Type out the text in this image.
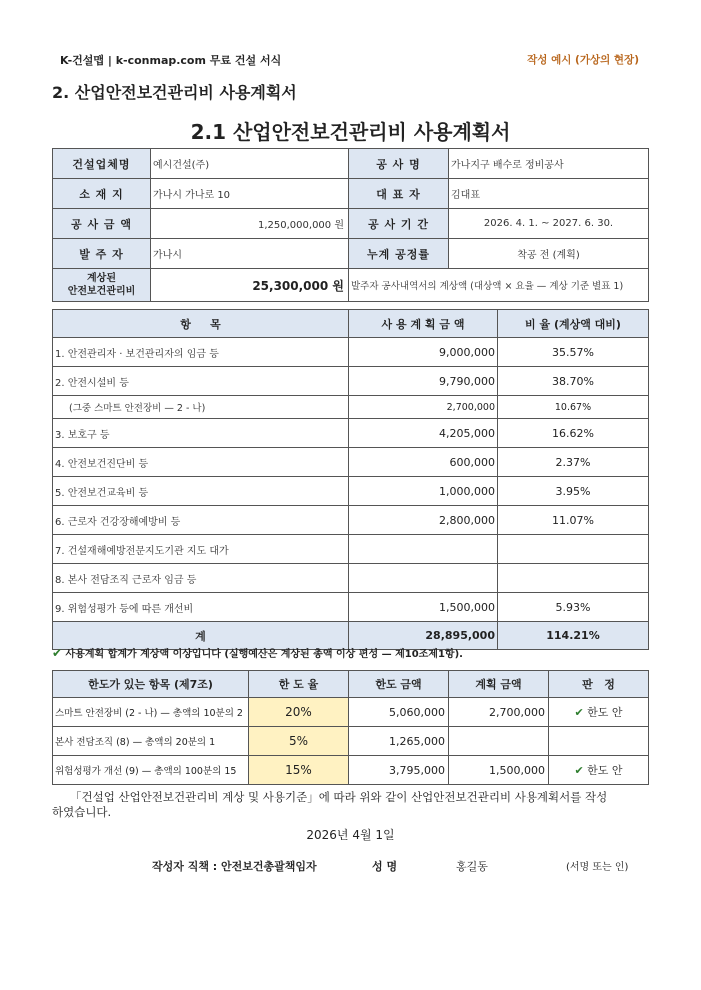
K-건설맵 | k-conmap.com 무료 건설 서식	작성 예시 (가상의 현장)
2. 산업안전보건관리비 사용계획서
2.1 산업안전보건관리비 사용계획서
건설업체명	예시건설(주)	공 사 명	가나지구 배수로 정비공사
소 재 지	가나시 가나로 10	대 표 자	김대표
공 사 금 액	1,250,000,000 원	공 사 기 간	2026. 4. 1. ~ 2027. 6. 30.
발 주 자	가나시	누계 공정률	착공 전 (계획)
계상된
안전보건관리비	25,300,000 원	발주자 공사내역서의 계상액 (대상액 × 요율 — 계상 기준 별표 1)	
항     목	사 용 계 획 금 액	비 율 (계상액 대비)
1. 안전관리자 · 보건관리자의 임금 등	9,000,000	35.57%
2. 안전시설비 등	9,790,000	38.70%
(그중 스마트 안전장비 — 2 - 나)	2,700,000	10.67%
3. 보호구 등	4,205,000	16.62%
4. 안전보건진단비 등	600,000	2.37%
5. 안전보건교육비 등	1,000,000	3.95%
6. 근로자 건강장해예방비 등	2,800,000	11.07%
7. 건설재해예방전문지도기관 지도 대가		
8. 본사 전담조직 근로자 임금 등		
9. 위험성평가 등에 따른 개선비	1,500,000	5.93%
계	28,895,000	114.21%
✔ 사용계획 합계가 계상액 이상입니다 (실행예산은 계상된 총액 이상 편성 — 제10조제1항).
한도가 있는 항목 (제7조)	한 도 율	한도 금액	계획 금액	판   정
스마트 안전장비 (2 - 나) — 총액의 10분의 2	20%	5,060,000	2,700,000	✔ 한도 안
본사 전담조직 (8) — 총액의 20분의 1	5%	1,265,000		
위험성평가 개선 (9) — 총액의 100분의 15	15%	3,795,000	1,500,000	✔ 한도 안
「건설업 산업안전보건관리비 계상 및 사용기준」에 따라 위와 같이 산업안전보건관리비 사용계획서를 작성하였습니다.
2026년 4월 1일
작성자 직책 : 안전보건총괄책임자	성 명	홍길동	(서명 또는 인)
